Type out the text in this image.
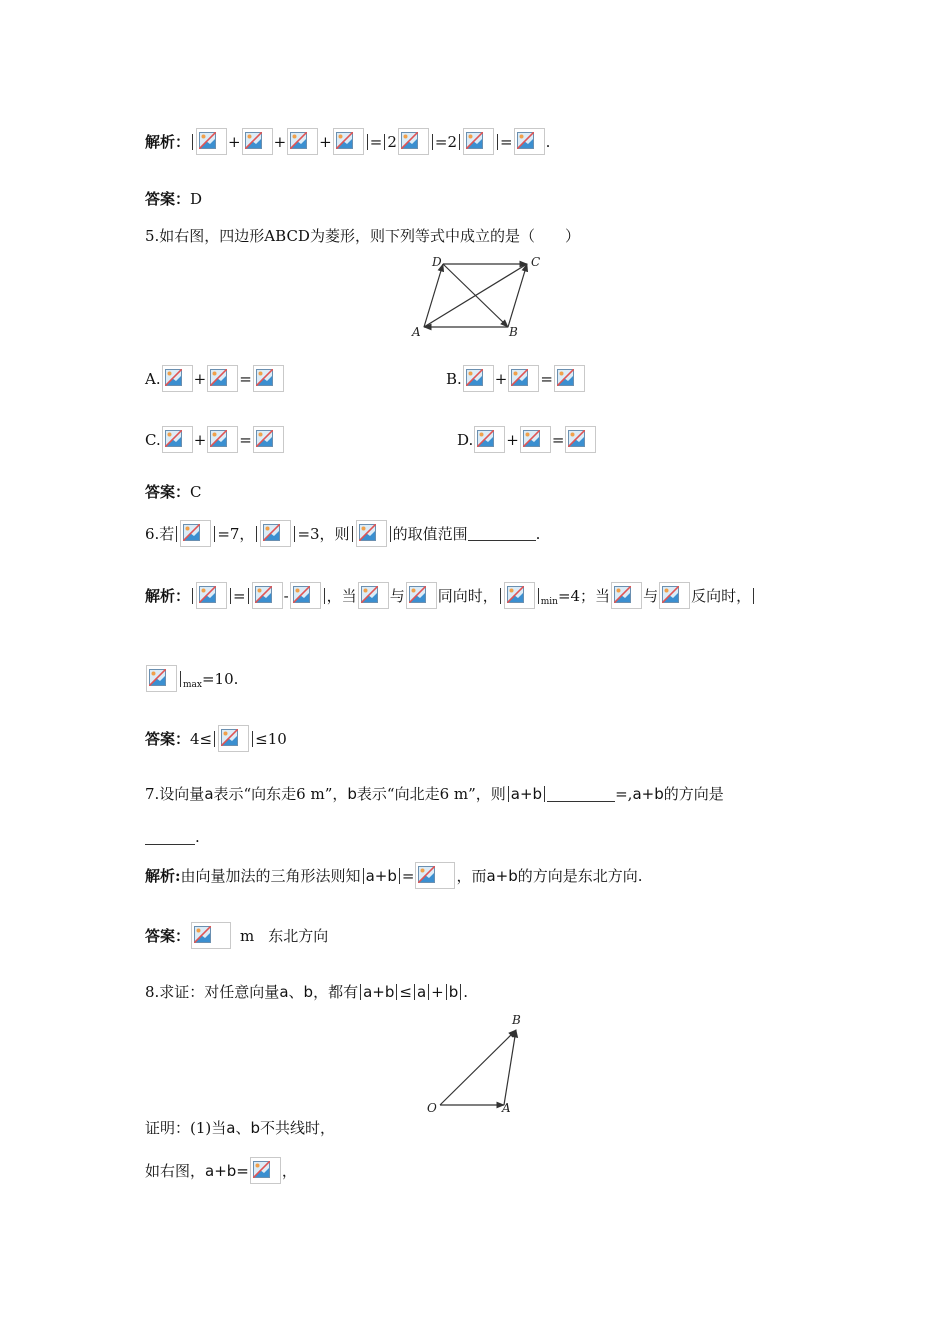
解析：	+ + +	= 2	=2	= .
答案：D
5.如右图，四边形ABCD为菱形，则下列等式中成立的是（　　）
D	C
A	B
A. + =	B. + =
C. + =	D. + =
答案：C
6.若	=7，	=3，则	的取值范围	.
解析：	=	-	，当 与 同向时，	min=4；当 与 反向时，
max=10.
答案：4≤	≤10
7.设向量a表示“向东走6 m”，b表示“向北走6 m”，则 a+b	=,a+b的方向是
.
解析:由向量加法的三角形法则知 a+b =	，而a+b的方向是东北方向.
答案：	m 东北方向
8.求证：对任意向量a、b，都有 a+b ≤ a + b .
O	A
B
证明：(1)当a、b不共线时，
如右图，a+b= ，
